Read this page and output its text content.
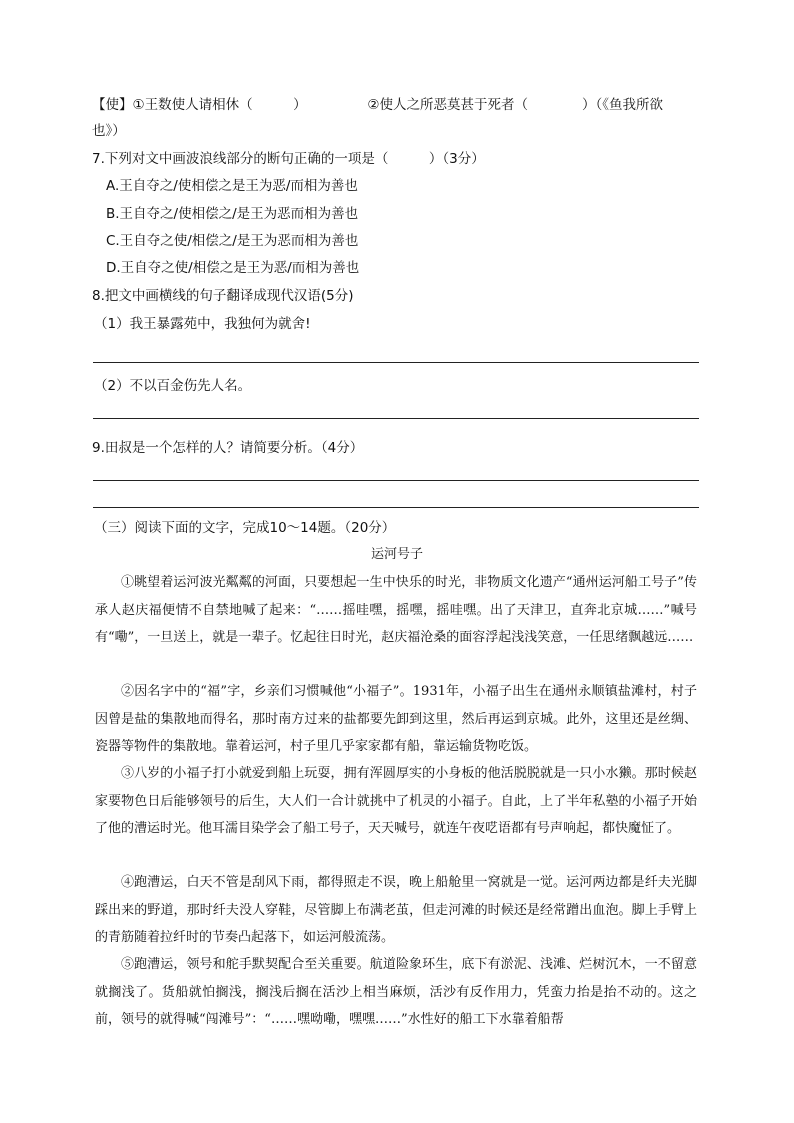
【使】①王数使人请相休（　　　）　　　　　②使人之所恶莫甚于死者（　　　　）（《鱼我所欲
也》）
7.下列对文中画波浪线部分的断句正确的一项是（　　　）（3分）
A.王自夺之/使相偿之是王为恶/而相为善也
B.王自夺之/使相偿之/是王为恶而相为善也
C.王自夺之使/相偿之/是王为恶而相为善也
D.王自夺之使/相偿之是王为恶/而相为善也
8.把文中画横线的句子翻译成现代汉语(5分)
（1）我王暴露苑中，我独何为就舍!
（2）不以百金伤先人名。
9.田叔是一个怎样的人？请简要分析。（4分）
（三）阅读下面的文字，完成10～14题。（20分）
运河号子
①眺望着运河波光粼粼的河面，只要想起一生中快乐的时光，非物质文化遗产“通州运河船工号子”传承人赵庆福便情不自禁地喊了起来：“……摇哇嘿，摇嘿，摇哇嘿。出了天津卫，直奔北京城……”喊号有“嘞”，一旦送上，就是一辈子。忆起往日时光，赵庆福沧桑的面容浮起浅浅笑意，一任思绪飘越远……
②因名字中的“福”字，乡亲们习惯喊他“小福子”。1931年，小福子出生在通州永顺镇盐滩村，村子因曾是盐的集散地而得名，那时南方过来的盐都要先卸到这里，然后再运到京城。此外，这里还是丝绸、瓷器等物件的集散地。靠着运河，村子里几乎家家都有船，靠运输货物吃饭。
③八岁的小福子打小就爱到船上玩耍，拥有浑圆厚实的小身板的他活脱脱就是一只小水獭。那时候赵家要物色日后能够领号的后生，大人们一合计就挑中了机灵的小福子。自此，上了半年私塾的小福子开始了他的漕运时光。他耳濡目染学会了船工号子，天天喊号，就连午夜呓语都有号声响起，都快魔怔了。
④跑漕运，白天不管是刮风下雨，都得照走不误，晚上船舱里一窝就是一觉。运河两边都是纤夫光脚踩出来的野道，那时纤夫没人穿鞋，尽管脚上布满老茧，但走河滩的时候还是经常蹭出血泡。脚上手臂上的青筋随着拉纤时的节奏凸起落下，如运河般流荡。
⑤跑漕运，领号和舵手默契配合至关重要。航道险象环生，底下有淤泥、浅滩、烂树沉木，一不留意就搁浅了。货船就怕搁浅，搁浅后搁在活沙上相当麻烦，活沙有反作用力，凭蛮力抬是抬不动的。这之前，领号的就得喊“闯滩号”：“……嘿呦嘞，嘿嘿……”水性好的船工下水靠着船帮
